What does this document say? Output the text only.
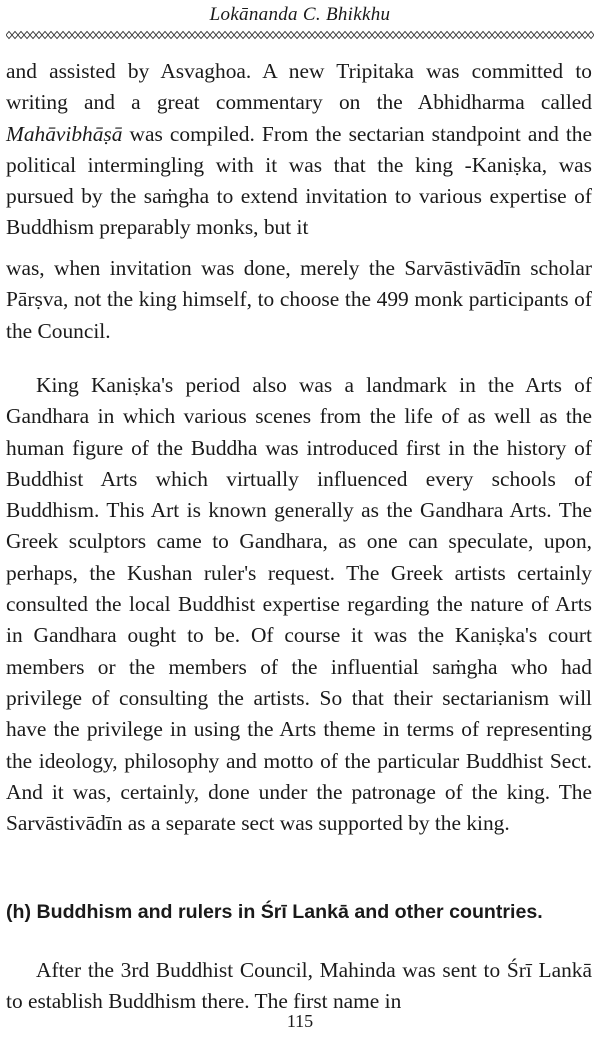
Lokānanda C. Bhikkhu

and assisted by Asvaghoa. A new Tripitaka was committed to writing and a great commentary on the Abhidharma called Mahāvibhāṣā was compiled. From the sectarian standpoint and the political intermingling with it was that the king -Kaniṣka, was pursued by the saṁgha to extend invitation to various expertise of Buddhism preparably monks, but it

was, when invitation was done, merely the Sarvāstivādīn scholar Pārṣva, not the king himself, to choose the 499 monk participants of the Council.

King Kaniṣka's period also was a landmark in the Arts of Gandhara in which various scenes from the life of as well as the human figure of the Buddha was introduced first in the history of Buddhist Arts which virtually influenced every schools of Buddhism. This Art is known generally as the Gandhara Arts. The Greek sculptors came to Gandhara, as one can speculate, upon, perhaps, the Kushan ruler's request. The Greek artists certainly consulted the local Buddhist expertise regarding the nature of Arts in Gandhara ought to be. Of course it was the Kaniṣka's court members or the members of the influential saṁgha who had privilege of consulting the artists. So that their sectarianism will have the privilege in using the Arts theme in terms of representing the ideology, philosophy and motto of the particular Buddhist Sect. And it was, certainly, done under the patronage of the king. The Sarvāstivādīn as a separate sect was supported by the king.

(h) Buddhism and rulers in Śrī Lankā and other countries.

After the 3rd Buddhist Council, Mahinda was sent to Śrī Lankā to establish Buddhism there. The first name in

115
